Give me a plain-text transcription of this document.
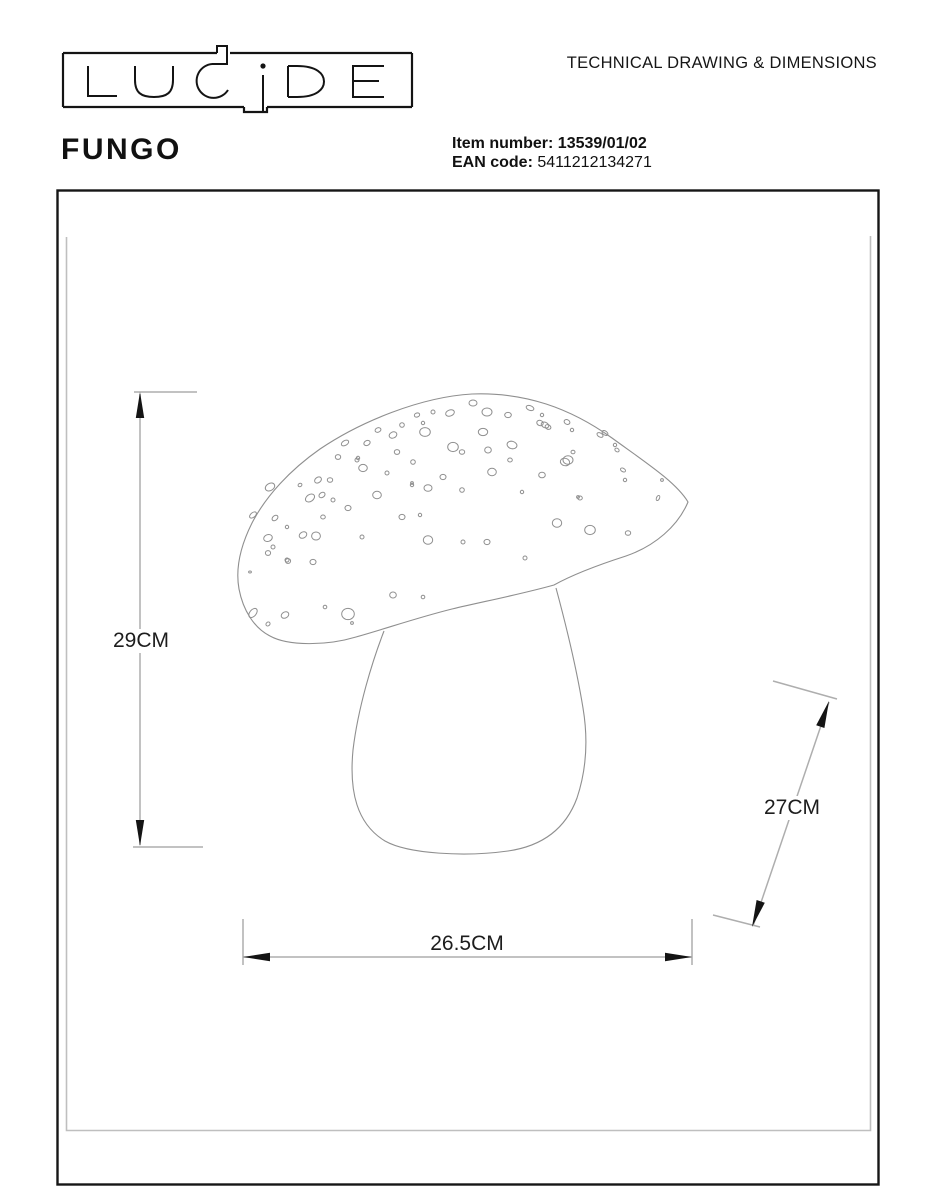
TECHNICAL DRAWING & DIMENSIONS
FUNGO	Item number: 13539/01/02
EAN code: 5411212134271
29CM
27CM
26.5CM
